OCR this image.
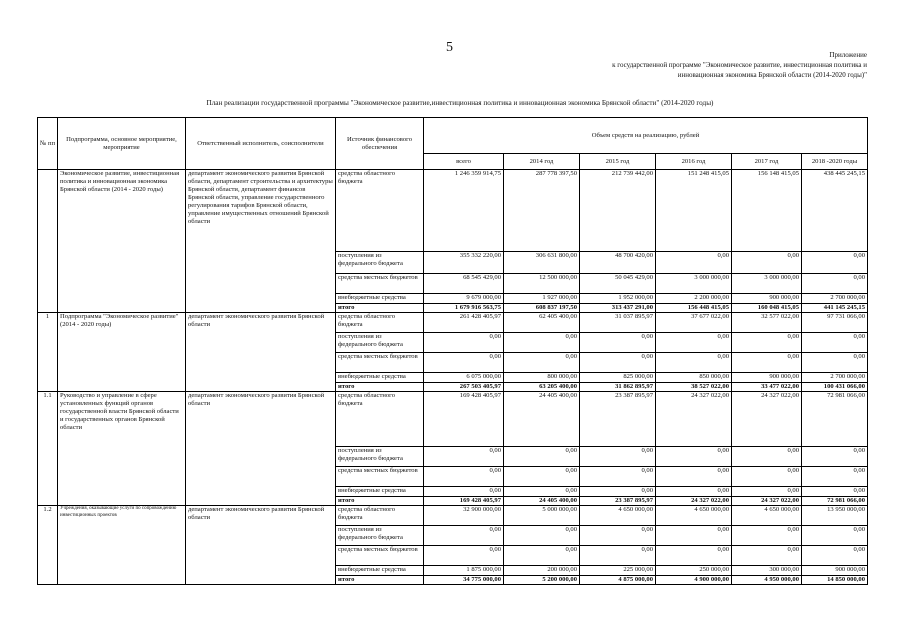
5	Приложение
к государственной программе "Экономическое развитие, инвестиционная политика и
инновационная экономика Брянской области (2014-2020 годы)"
План реализации государственной программы "Экономическое развитие,инвестиционная политика и инновационная экономика Брянской области" (2014-2020 годы)
№ пп	Подпрограмма, основное мероприятие, мероприятие	Ответственный исполнитель, соисполнители	Источник финансового обеспечения	Объем средств на реализацию, рублей					
				всего	2014 год	2015 год	2016 год	2017 год	2018 -2020 годы
	Экономическое развитие, инвестиционная политика и инновационная экономика Брянской области (2014 - 2020 годы)	департамент экономического развития Брянской области, департамент строительства и архитектуры Брянской области, департамент финансов Брянской области, управление государственного регулирования тарифов Брянской области, управление имущественных отношений Брянской области	средства областного бюджета	1 246 359 914,75	287 778 397,50	212 739 442,00	151 248 415,05	156 148 415,05	438 445 245,15
			поступления из федерального бюджета	355 332 220,00	306 631 800,00	48 700 420,00	0,00	0,00	0,00
			средства местных бюджетов	68 545 429,00	12 500 000,00	50 045 429,00	3 000 000,00	3 000 000,00	0,00
			внебюджетные средства	9 679 000,00	1 927 000,00	1 952 000,00	2 200 000,00	900 000,00	2 700 000,00
			итого	1 679 916 563,75	608 837 197,50	313 437 291,00	156 448 415,05	160 048 415,05	441 145 245,15
1	Подпрограмма "Экономическое развитие" (2014 - 2020 годы)	департамент экономического развития Брянской области	средства областного бюджета	261 428 405,97	62 405 400,00	31 037 895,97	37 677 022,00	32 577 022,00	97 731 066,00
			поступления из федерального бюджета	0,00	0,00	0,00	0,00	0,00	0,00
			средства местных бюджетов	0,00	0,00	0,00	0,00	0,00	0,00
			внебюджетные средства	6 075 000,00	800 000,00	825 000,00	850 000,00	900 000,00	2 700 000,00
			итого	267 503 405,97	63 205 400,00	31 862 895,97	38 527 022,00	33 477 022,00	100 431 066,00
1.1	Руководство и управление в сфере установленных функций органов государственной власти Брянской области и государственных органов Брянской области	департамент экономического развития Брянской области	средства областного бюджета	169 428 405,97	24 405 400,00	23 387 895,97	24 327 022,00	24 327 022,00	72 981 066,00
			поступления из федерального бюджета	0,00	0,00	0,00	0,00	0,00	0,00
			средства местных бюджетов	0,00	0,00	0,00	0,00	0,00	0,00
			внебюджетные средства	0,00	0,00	0,00	0,00	0,00	0,00
			итого	169 428 405,97	24 405 400,00	23 387 895,97	24 327 022,00	24 327 022,00	72 981 066,00
1.2	Учреждения, оказывающие услуги по сопровождению инвестиционных проектов	департамент экономического развития Брянской области	средства областного бюджета	32 900 000,00	5 000 000,00	4 650 000,00	4 650 000,00	4 650 000,00	13 950 000,00
			поступления из федерального бюджета	0,00	0,00	0,00	0,00	0,00	0,00
			средства местных бюджетов	0,00	0,00	0,00	0,00	0,00	0,00
			внебюджетные средства	1 875 000,00	200 000,00	225 000,00	250 000,00	300 000,00	900 000,00
			итого	34 775 000,00	5 200 000,00	4 875 000,00	4 900 000,00	4 950 000,00	14 850 000,00
